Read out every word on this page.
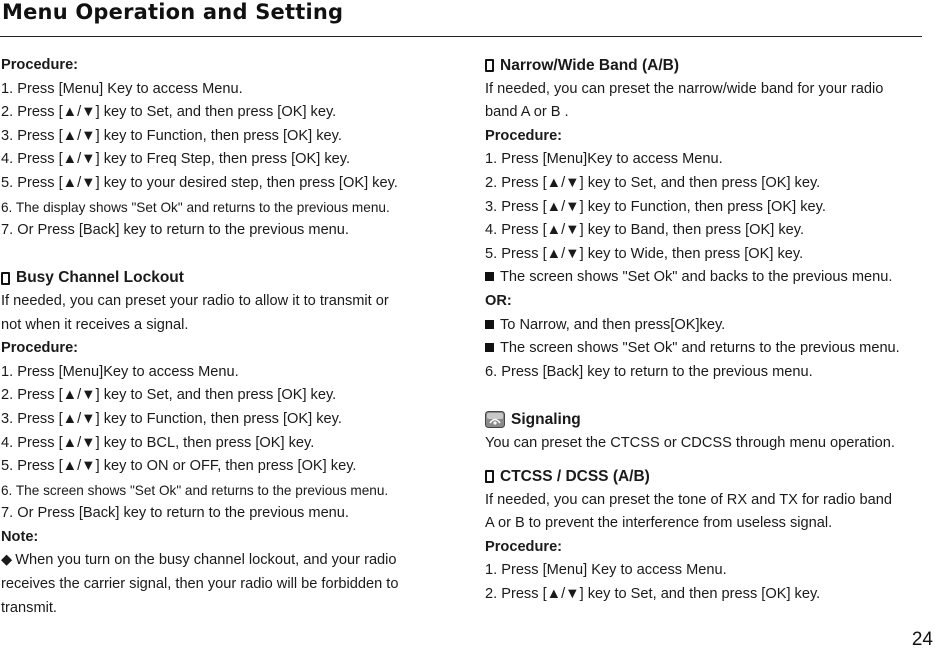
Menu Operation and Setting
Procedure:
1. Press [Menu] Key to access Menu.
2. Press [▲/▼] key to Set, and then press [OK] key.
3. Press [▲/▼] key to Function, then press [OK] key.
4. Press [▲/▼] key to Freq Step, then press [OK] key.
5. Press [▲/▼] key to your desired step, then press [OK] key.
6. The display shows "Set Ok" and returns to the previous menu.
7. Or Press [Back] key to return to the previous menu.
Busy Channel Lockout
If needed, you can preset your radio to allow it to transmit or
not when it receives a signal.
Procedure:
1. Press [Menu]Key to access Menu.
2. Press [▲/▼] key to Set, and then press [OK] key.
3. Press [▲/▼] key to Function, then press [OK] key.
4. Press [▲/▼] key to BCL, then press [OK] key.
5. Press [▲/▼] key to ON or OFF, then press [OK] key.
6. The screen shows "Set Ok" and returns to the previous menu.
7. Or Press [Back] key to return to the previous menu.
Note:
◆ When you turn on the busy channel lockout, and your radio
receives the carrier signal, then your radio will be forbidden to
transmit.
Narrow/Wide Band (A/B)
If needed, you can preset the narrow/wide band for your radio
band A or B .
Procedure:
1. Press [Menu]Key to access Menu.
2. Press [▲/▼] key to Set, and then press [OK] key.
3. Press [▲/▼] key to Function, then press [OK] key.
4. Press [▲/▼] key to Band, then press [OK] key.
5. Press [▲/▼] key to Wide, then press [OK] key.
The screen shows "Set Ok" and backs to the previous menu.
OR:
To Narrow, and then press[OK]key.
The screen shows "Set Ok" and returns to the previous menu.
6. Press [Back] key to return to the previous menu.
Signaling
You can preset the CTCSS or CDCSS through menu operation.
CTCSS / DCSS (A/B)
If needed, you can preset the tone of RX and TX for radio band
A or B to prevent the interference from useless signal.
Procedure:
1. Press [Menu] Key to access Menu.
2. Press [▲/▼] key to Set, and then press [OK] key.
24
